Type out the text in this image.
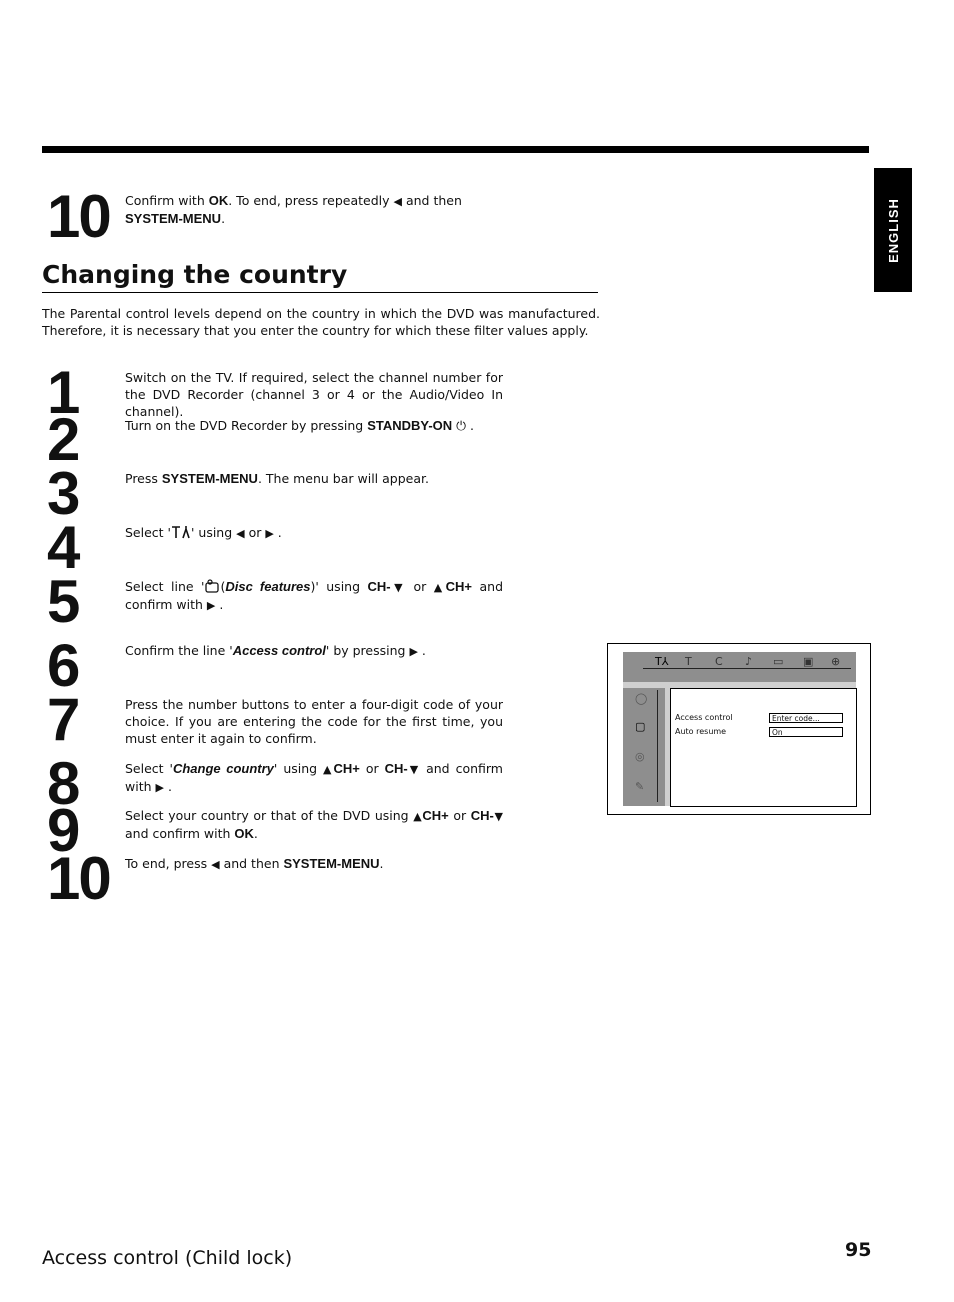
ENGLISH
10 Confirm with OK. To end, press repeatedly ◀ and then
SYSTEM-MENU.
Changing the country
The Parental control levels depend on the country in which the DVD was manufactured. Therefore, it is necessary that you enter the country for which these filter values apply.
1	Switch on the TV. If required, select the channel number for the DVD Recorder (channel 3 or 4 or the Audio/Video In channel).
2	Turn on the DVD Recorder by pressing STANDBY-ON ⏻ .
3	Press SYSTEM-MENU. The menu bar will appear.
4	Select ' ' using ◀ or ▶ .
5	Select line ' (Disc features)' using CH-▼ or ▲CH+ and confirm with ▶ .
6	Confirm the line 'Access control' by pressing ▶ .
7	Press the number buttons to enter a four-digit code of your choice. If you are entering the code for the first time, you must enter it again to confirm.
8	Select 'Change country' using ▲CH+ or CH-▼ and confirm with ▶ .
9	Select your country or that of the DVD using ▲CH+ or CH-▼ and confirm with OK.
10 To end, press ◀ and then SYSTEM-MENU.
T⅄ T C ♪ ▭ ▣ ⊕
◯
▢
◎
✎
Access control	Enter code...
Auto resume	On
Access control (Child lock)	95
